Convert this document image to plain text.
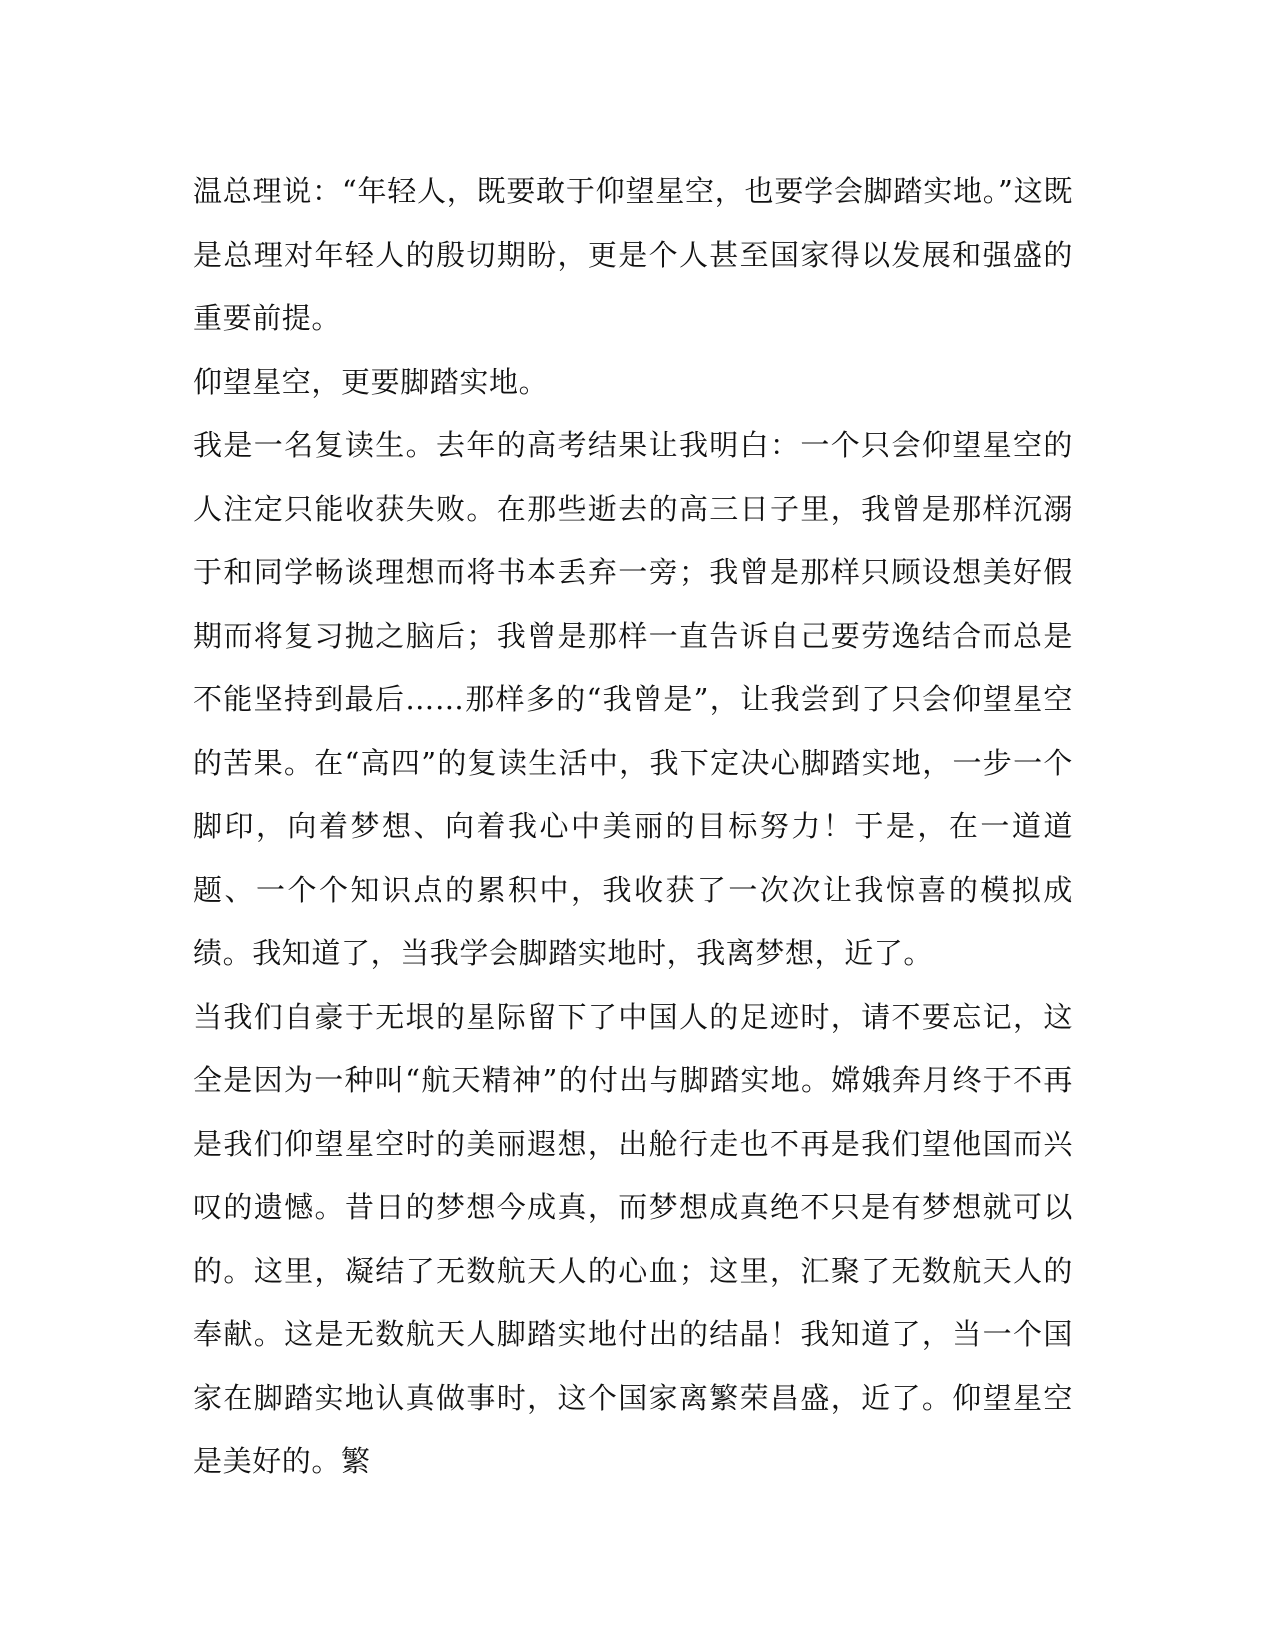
温总理说：“年轻人，既要敢于仰望星空，也要学会脚踏实地。”这既是总理对年轻人的殷切期盼，更是个人甚至国家得以发展和强盛的重要前提。

仰望星空，更要脚踏实地。

我是一名复读生。去年的高考结果让我明白：一个只会仰望星空的人注定只能收获失败。在那些逝去的高三日子里，我曾是那样沉溺于和同学畅谈理想而将书本丢弃一旁；我曾是那样只顾设想美好假期而将复习抛之脑后；我曾是那样一直告诉自己要劳逸结合而总是不能坚持到最后……那样多的“我曾是”，让我尝到了只会仰望星空的苦果。在“高四”的复读生活中，我下定决心脚踏实地，一步一个脚印，向着梦想、向着我心中美丽的目标努力！于是，在一道道题、一个个知识点的累积中，我收获了一次次让我惊喜的模拟成绩。我知道了，当我学会脚踏实地时，我离梦想，近了。

当我们自豪于无垠的星际留下了中国人的足迹时，请不要忘记，这全是因为一种叫“航天精神”的付出与脚踏实地。嫦娥奔月终于不再是我们仰望星空时的美丽遐想，出舱行走也不再是我们望他国而兴叹的遗憾。昔日的梦想今成真，而梦想成真绝不只是有梦想就可以的。这里，凝结了无数航天人的心血；这里，汇聚了无数航天人的奉献。这是无数航天人脚踏实地付出的结晶！我知道了，当一个国家在脚踏实地认真做事时，这个国家离繁荣昌盛，近了。仰望星空是美好的。繁
